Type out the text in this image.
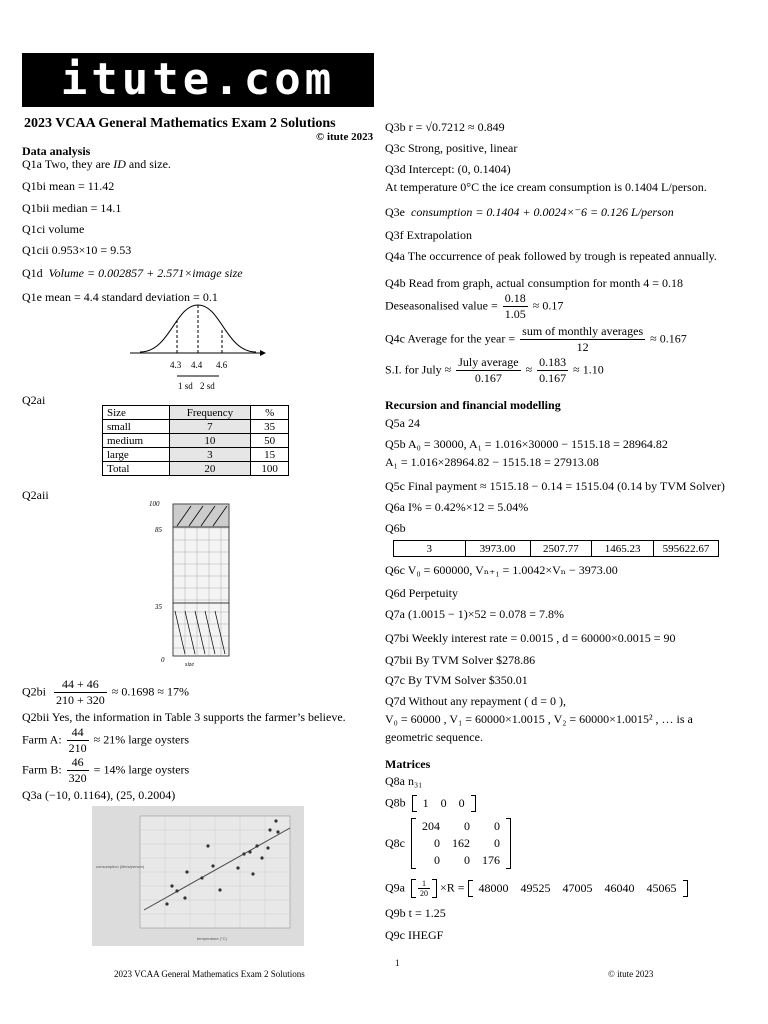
itute.com
2023 VCAA General Mathematics Exam 2 Solutions
© itute 2023
Data analysis
Q1a Two, they are ID and size.
Q1bi mean = 11.42
Q1bii median = 14.1
Q1ci volume
Q1cii 0.953×10 = 9.53
Q1d Volume = 0.002857 + 2.571×image size
Q1e mean = 4.4 standard deviation = 0.1
4.3 4.4 4.6
1 sd 2 sd
Q2ai
Size	Frequency	%
small	7	35
medium	10	50
large	3	15
Total	20	100
Q2aii
100
85
35
0
size
$Q2bi \frac{44 + 46}{210 + 320} \approx 0.1698 \approx 17\%$
Q2bii Yes, the information in Table 3 supports the farmer’s believe.
Farm A: $\frac{44}{210} \approx 21\%$ large oysters
Farm B: $\frac{46}{320} = 14\%$ large oysters
Q3a (−10, 0.1164), (25, 0.2004)
consumption (litres/person)
temperature (°C)
Q3b r = √0.7212 ≈ 0.849
Q3c Strong, positive, linear
Q3d Intercept: (0, 0.1404)
At temperature 0°C the ice cream consumption is 0.1404 L/person.
Q3e consumption = 0.1404 + 0.0024×⁻6 = 0.126 L/person
Q3f Extrapolation
Q4a The occurrence of peak followed by trough is repeated annually.
Q4b Read from graph, actual consumption for month 4 = 0.18
Deseasonalised value = $\frac{0.18}{1.05} \approx 0.17$
Q4c Average for the year = $\frac{\text{sum of monthly averages}}{12} \approx 0.167$
S.I. for July ≈ $\frac{\text{July average}}{0.167} \approx \frac{0.183}{0.167} \approx 1.10$
Recursion and financial modelling
Q5a 24
Q5b A₀ = 30000, A₁ = 1.016×30000 − 1515.18 = 28964.82
A₁ = 1.016×28964.82 − 1515.18 = 27913.08
Q5c Final payment ≈ 1515.18 − 0.14 = 1515.04 (0.14 by TVM Solver)
Q6a I% = 0.42%×12 = 5.04%
Q6b
3	3973.00	2507.77	1465.23	595622.67
Q6c V₀ = 600000, Vₙ₊₁ = 1.0042×Vₙ − 3973.00
Q6d Perpetuity
Q7a (1.0015 − 1)×52 = 0.078 = 7.8%
Q7bi Weekly interest rate = 0.0015 , d = 60000×0.0015 = 90
Q7bii By TVM Solver $278.86
Q7c By TVM Solver $350.01
Q7d Without any repayment ( d = 0 ),
V₀ = 60000 , V₁ = 60000×1.0015 , V₂ = 60000×1.0015² , … is a
geometric sequence.
Matrices
Q8a n₃₁
Q8b 1	0	0
Q8c
204	0	0
0	162	0
0	0	176
$Q9a \frac{1}{20} \times R = 48000$	49525	47005	46040	45065
Q9b t = 1.25
Q9c IHEGF
1
2023 VCAA General Mathematics Exam 2 Solutions	© itute 2023
